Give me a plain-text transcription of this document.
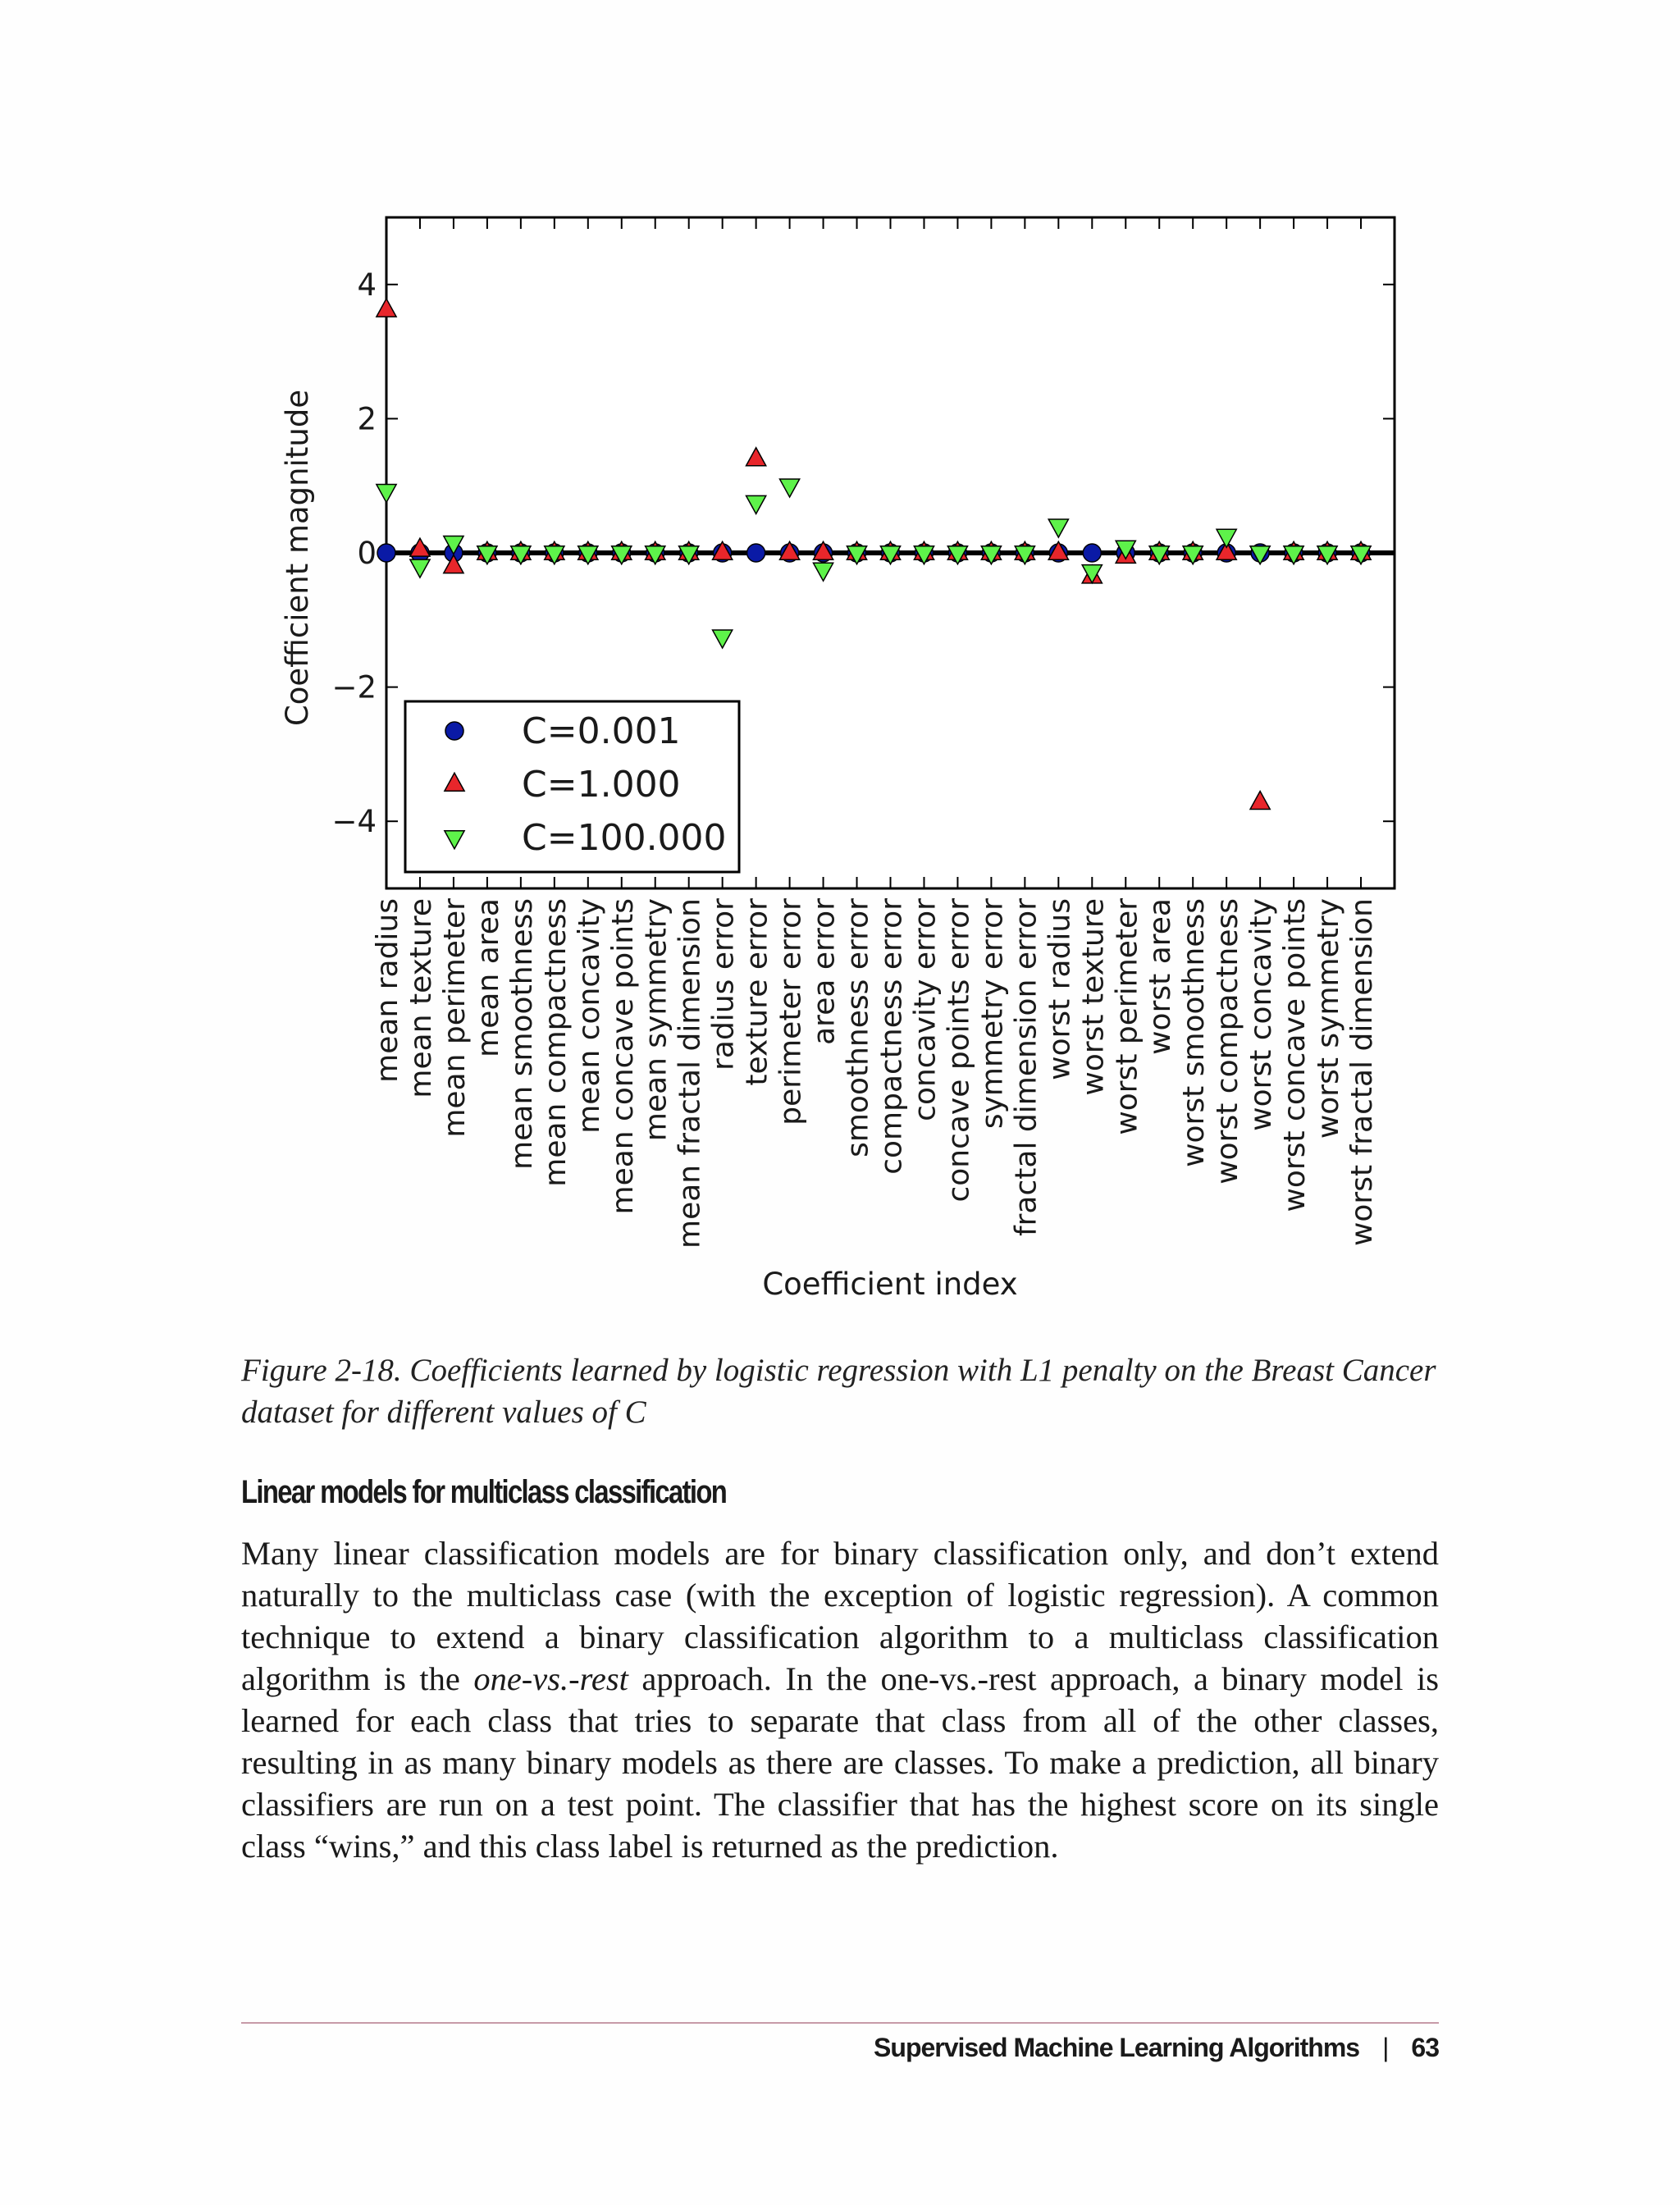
4
2
0
−2
−4
mean radius mean texture mean perimeter mean area mean smoothness mean compactness mean concavity mean concave points mean symmetry mean fractal dimension radius error texture error perimeter error area error smoothness error compactness error concavity error concave points error symmetry error fractal dimension error worst radius worst texture worst perimeter worst area worst smoothness worst compactness worst concavity worst concave points worst symmetry worst fractal dimension
Coefficient index
Coefficient magnitude
C=0.001
C=1.000
C=100.000
Figure 2-18. Coefficients learned by logistic regression with L1 penalty on the Breast Cancer dataset for different values of C
Linear models for multiclass classification
Many linear classification models are for binary classification only, and don’t extend naturally to the multiclass case (with the exception of logistic regression). A common technique to extend a binary classification algorithm to a multiclass classification algorithm is the one-vs.-rest approach. In the one-vs.-rest approach, a binary model is learned for each class that tries to separate that class from all of the other classes, resulting in as many binary models as there are classes. To make a prediction, all binary classifiers are run on a test point. The classifier that has the highest score on its single class “wins,” and this class label is returned as the prediction.
Supervised Machine Learning Algorithms | 63
